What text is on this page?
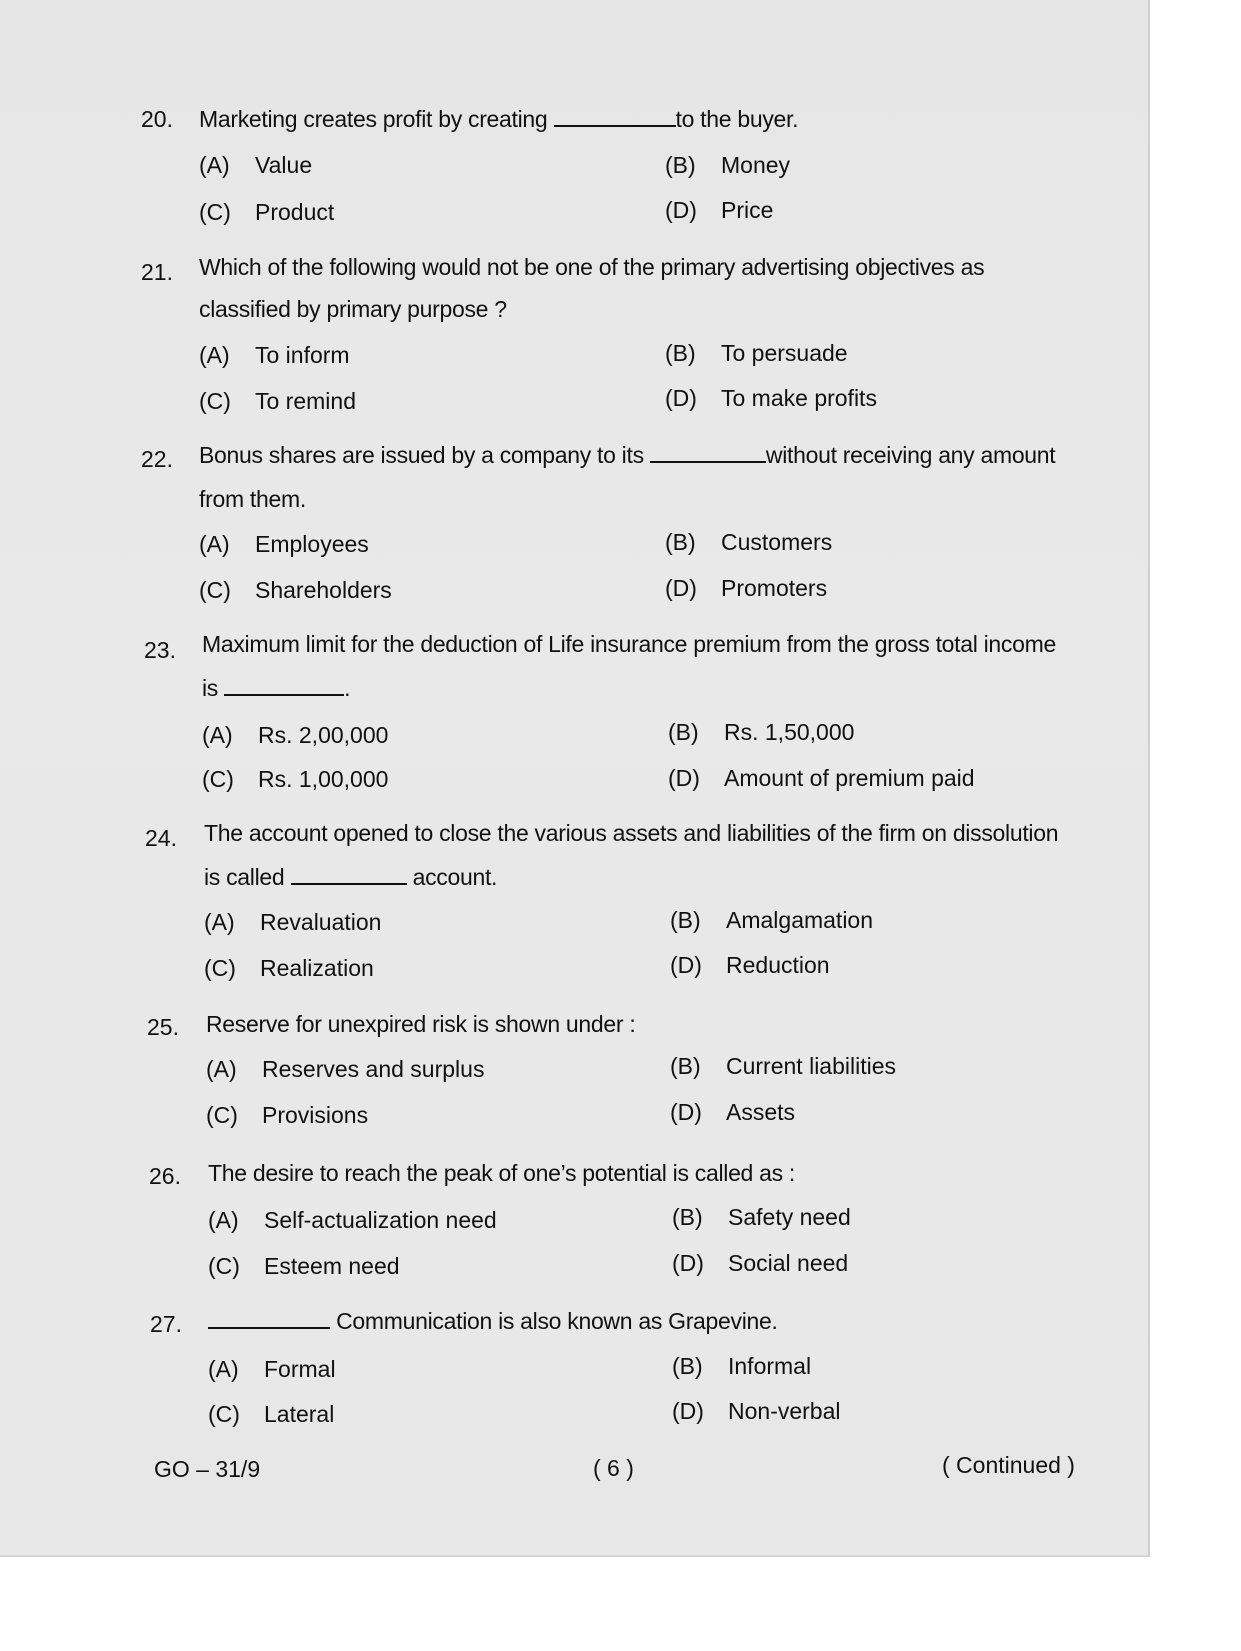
20. Marketing creates profit by creating	to the buyer.
(A) Value	(B) Money
(C) Product	(D) Price
21. Which of the following would not be one of the primary advertising objectives as
classified by primary purpose ?
(A) To inform	(B) To persuade
(C) To remind	(D) To make profits
22. Bonus shares are issued by a company to its	without receiving any amount
from them.
(A) Employees	(B) Customers
(C) Shareholders	(D) Promoters
23. Maximum limit for the deduction of Life insurance premium from the gross total income
is	.
(A) Rs. 2,00,000	(B) Rs. 1,50,000
(C) Rs. 1,00,000	(D) Amount of premium paid
24. The account opened to close the various assets and liabilities of the firm on dissolution
is called	account.
(A) Revaluation	(B) Amalgamation
(C) Realization	(D) Reduction
25. Reserve for unexpired risk is shown under :
(A) Reserves and surplus	(B) Current liabilities
(C) Provisions	(D) Assets
26. The desire to reach the peak of one’s potential is called as :
(A) Self-actualization need	(B) Safety need
(C) Esteem need	(D) Social need
27.	Communication is also known as Grapevine.
(A) Formal	(B) Informal
(C) Lateral	(D) Non-verbal
GO – 31/9	( 6 )	( Continued )
